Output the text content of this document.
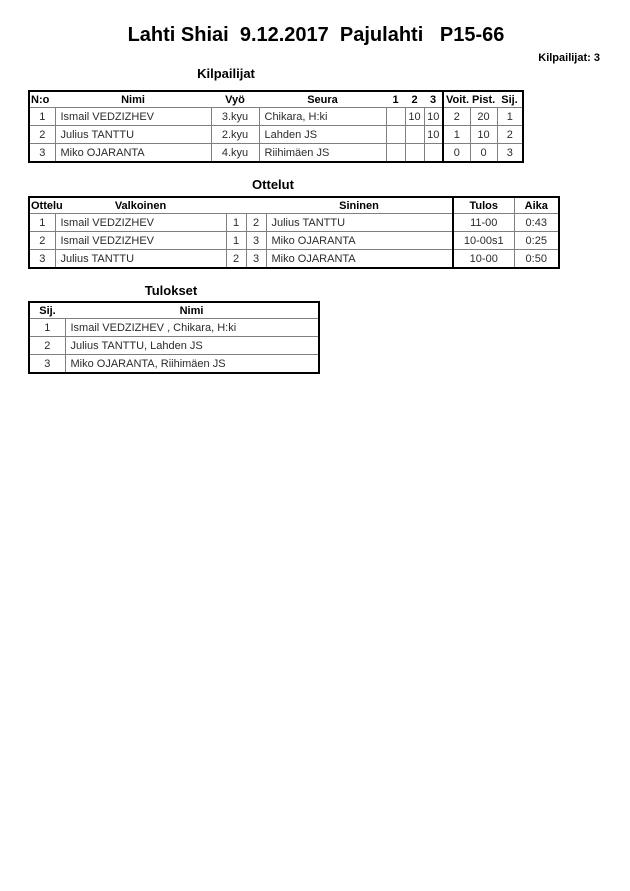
Lahti Shiai  9.12.2017  Pajulahti   P15-66
Kilpailijat: 3
Kilpailijat
N:o	Nimi	Vyö	Seura	1	2	3	Voit.	Pist.	Sij.
1	Ismail VEDZIZHEV	3.kyu	Chikara, H:ki		10	10	2	20	1
2	Julius TANTTU	2.kyu	Lahden JS			10	1	10	2
3	Miko OJARANTA	4.kyu	Riihimäen JS				0	0	3
Ottelut
Ottelu	Valkoinen			Sininen	Tulos	Aika
1	Ismail VEDZIZHEV	1	2	Julius TANTTU	11-00	0:43
2	Ismail VEDZIZHEV	1	3	Miko OJARANTA	10-00s1	0:25
3	Julius TANTTU	2	3	Miko OJARANTA	10-00	0:50
Tulokset
Sij.	Nimi
1	Ismail VEDZIZHEV , Chikara, H:ki
2	Julius TANTTU, Lahden JS
3	Miko OJARANTA, Riihimäen JS
